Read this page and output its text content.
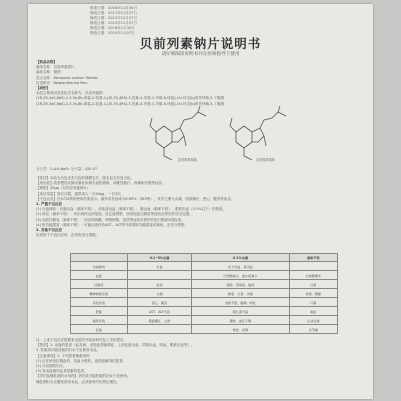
核准日期：2006年11月06日
修改日期：2011年11月07日
修改日期：2012年12月07日
修改日期：2015年12月07日
修改日期：2018年1月30日
修改日期：2019年1月07日
贝前列素钠片说明书
请仔细阅读说明书并在医师指导下使用
【药品名称】
通用名称：贝前列素钠片
商品名称：德纳
英文名称：Beraprost sodium Tablets
汉语拼音：Beiqianliesuna Pian
【成份】
本品主要成份及其化学名称为：贝前列素钠
(1R,2R,3aS,8bS)-2,3,3a,8b-四氢-2-羟基-1-[(E,3S,4RS)-3-羟基-4-甲基-1-辛烯-6-炔基]-1H-环戊[b]苯并呋喃-5-丁酸钠
(1R,2R,3aS,8bS)-2,3,3a,8b-四氢-2-羟基-1-[(E,3S,4RS)-3-羟基-4-甲基-1-辛烯-6-炔基]-1H-环戊[b]苯并呋喃-5-丁酸钠
及对映异构体	及对映异构体
分子式：C₂₄H₂₉NaO₅ 分子量：420.47
【性状】本品为白色至类白色的薄膜衣片，除去包衣后显白色。
【适应症】改善慢性动脉闭塞性疾病引起的溃疡、间歇性跛行、疼痛和冷感等症状。
【规格】20μg（以贝前列素钠计）
【用法用量】饭后口服，通常成人一次40μg，一日3次。
【不良反应】在5722例的使用结果显示，副作用发现率为6.69%（383例），其中主要为头痛、面部潮红、恶心、腹泻等症状。
1. 严重不良反应
(1) 出血倾向：有脑出血（频率不明）、消化道出血（频率不明）、肺出血（频率不明）、眼底出血（0.1%以下）的报道。
(2) 休克（频率不明）：有出现休克的报道，应注意观察，如发现血压降低等症状应停药并适当处置。
(3) 间质性肺炎（频率不明）：如出现咳嗽、呼吸困难、发热等症状应停药并进行胸部X线检查。
(4) 肝功能损害（频率不明）：可能出现伴有AST、ALT等升高的肝功能损害或黄疸，应充分观察。
2. 其他不良反应
出现如下不良反应时，应采取适当措施。
	0.1~5%未满	0.1%未满	频率不明
出血倾向	出血	皮下出血、鼻出血	
血液		红细胞减少、血小板减少	白细胞增多
过敏症	皮疹	湿疹、荨麻疹、瘙痒	红斑
精神神经系统	头痛	眩晕、头晕、失眠	恍惚、嗜睡
消化系统	恶心、腹泻	食欲不振、腹痛、呕吐	口渴
肝脏	AST、ALT升高	胆红素升高	黄疸
循环系统	颜面潮红、心悸	潮热、血压下降	心动过速
其他		倦怠、浮肿	关节痛
注：上述不良反应数据来自国内外临床研究及上市后报告。
【禁忌】1. 出血的患者（血友病、毛细血管脆弱症、上消化道出血、尿路出血、咯血、眼底出血等）。
2. 妊娠或可能妊娠的妇女不宜使用本品。
【注意事项】1. 下列患者慎重用药：
(1) 正在使用抗凝血药、抗血小板药、血栓溶解剂的患者。
(2) 月经期的妇女。
(3) 有出血倾向及其因素的患者。
【孕妇及哺乳期妇女用药】孕妇或可能妊娠的妇女不宜使用。
哺乳期妇女应避免使用本品，必须使用时应停止哺乳。
